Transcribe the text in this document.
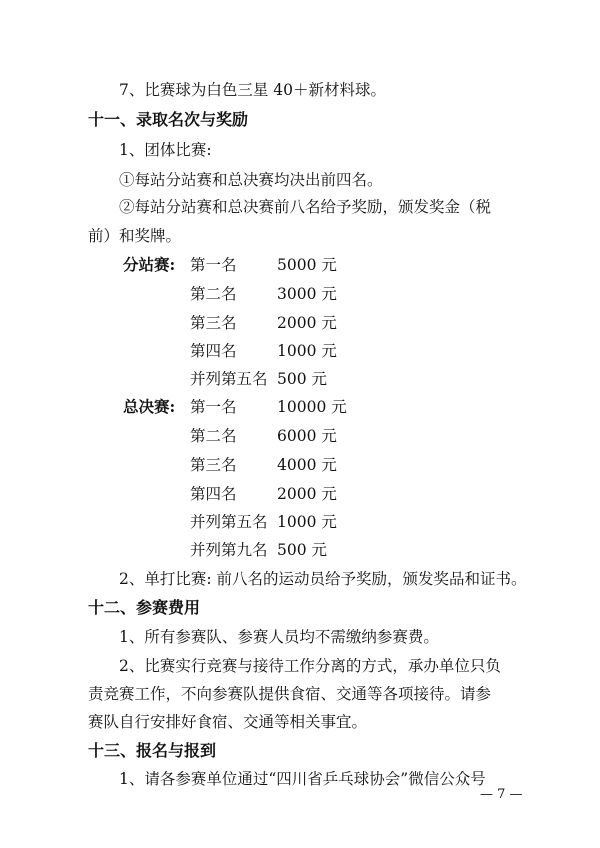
7、比赛球为白色三星 40＋新材料球。
十一、录取名次与奖励
1、团体比赛:
①每站分站赛和总决赛均决出前四名。
②每站分站赛和总决赛前八名给予奖励，颁发奖金（税
前）和奖牌。
分站赛: 第一名	5000 元
第二名	3000 元
第三名	2000 元
第四名	1000 元
并列第五名 500 元
总决赛: 第一名	10000 元
第二名	6000 元
第三名	4000 元
第四名	2000 元
并列第五名 1000 元
并列第九名 500 元
2、单打比赛: 前八名的运动员给予奖励，颁发奖品和证书。
十二、参赛费用
1、所有参赛队、参赛人员均不需缴纳参赛费。
2、比赛实行竞赛与接待工作分离的方式，承办单位只负
责竞赛工作，不向参赛队提供食宿、交通等各项接待。请参
赛队自行安排好食宿、交通等相关事宜。
十三、报名与报到
1、请各参赛单位通过“四川省乒乓球协会”微信公众号
— 7 —
